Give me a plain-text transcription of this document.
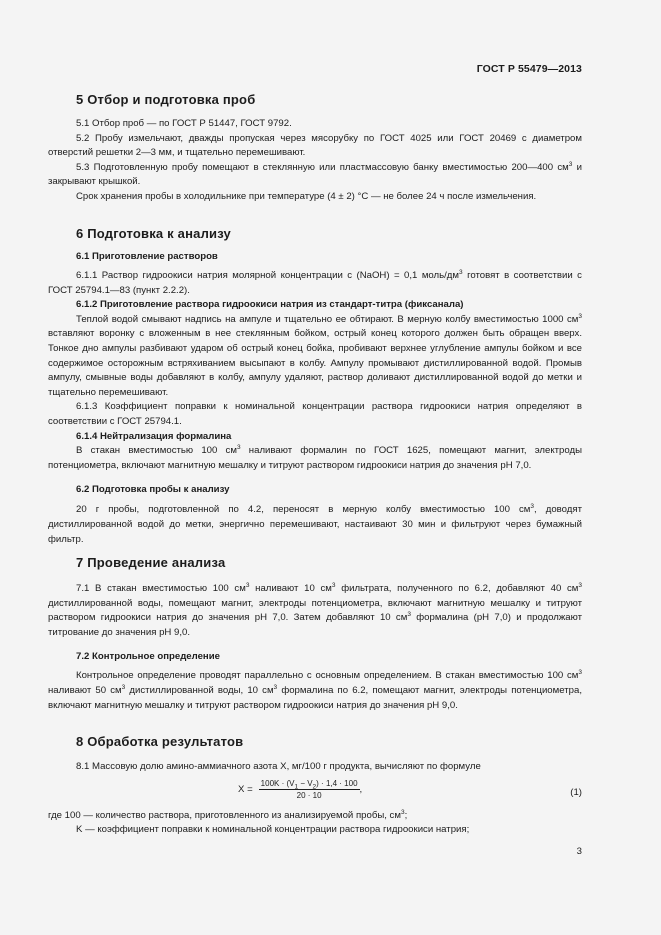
ГОСТ Р 55479—2013
5 Отбор и подготовка проб

5.1 Отбор проб — по ГОСТ Р 51447, ГОСТ 9792.

5.2 Пробу измельчают, дважды пропуская через мясорубку по ГОСТ 4025 или ГОСТ 20469 с диаметром отверстий решетки 2—3 мм, и тщательно перемешивают.

5.3 Подготовленную пробу помещают в стеклянную или пластмассовую банку вместимостью 200—400 $см^3$ и закрывают крышкой.

Срок хранения пробы в холодильнике при температуре (4 ± 2) °С — не более 24 ч после измельчения.

6 Подготовка к анализу
6.1 Приготовление растворов

6.1.1 Раствор гидроокиси натрия молярной концентрации с (NaOH) = 0,1 моль/$дм^3$ готовят в соответствии с ГОСТ 25794.1—83 (пункт 2.2.2).

6.1.2 Приготовление раствора гидроокиси натрия из стандарт-титра (фиксанала)

Теплой водой смывают надпись на ампуле и тщательно ее обтирают. В мерную колбу вместимостью 1000 $см^3$ вставляют воронку с вложенным в нее стеклянным бойком, острый конец которого должен быть обращен вверх. Тонкое дно ампулы разбивают ударом об острый конец бойка, пробивают верхнее углубление ампулы бойком и все содержимое осторожным встряхиванием высыпают в колбу. Ампулу промывают дистиллированной водой. Промыв ампулу, смывные воды добавляют в колбу, ампулу удаляют, раствор доливают дистиллированной водой до метки и тщательно перемешивают.

6.1.3 Коэффициент поправки к номинальной концентрации раствора гидроокиси натрия определяют в соответствии с ГОСТ 25794.1.

6.1.4 Нейтрализация формалина

В стакан вместимостью 100 $см^3$ наливают формалин по ГОСТ 1625, помещают магнит, электроды потенциометра, включают магнитную мешалку и титруют раствором гидроокиси натрия до значения рН 7,0.

6.2 Подготовка пробы к анализу

20 г пробы, подготовленной по 4.2, переносят в мерную колбу вместимостью 100 $см^3$, доводят дистиллированной водой до метки, энергично перемешивают, настаивают 30 мин и фильтруют через бумажный фильтр.

7 Проведение анализа

7.1 В стакан вместимостью 100 $см^3$ наливают 10 $см^3$ фильтрата, полученного по 6.2, добавляют 40 $см^3$ дистиллированной воды, помещают магнит, электроды потенциометра, включают магнитную мешалку и титруют раствором гидроокиси натрия до значения рН 7,0. Затем добавляют 10 $см^3$ формалина (рН 7,0) и продолжают титрование до значения рН 9,0.

7.2 Контрольное определение

Контрольное определение проводят параллельно с основным определением. В стакан вместимостью 100 $см^3$ наливают 50 $см^3$ дистиллированной воды, 10 $см^3$ формалина по 6.2, помещают магнит, электроды потенциометра, включают магнитную мешалку и титруют раствором гидроокиси натрия до значения рН 9,0.

8 Обработка результатов

8.1 Массовую долю амино-аммиачного азота X, мг/100 г продукта, вычисляют по формуле

$X = \frac{100K \cdot (V_1 - V_2) \cdot 1,4 \cdot 100}{20 \cdot 10}$ ,	(1)

где 100 — количество раствора, приготовленного из анализируемой пробы, $см^3$;

K — коэффициент поправки к номинальной концентрации раствора гидроокиси натрия;

3
